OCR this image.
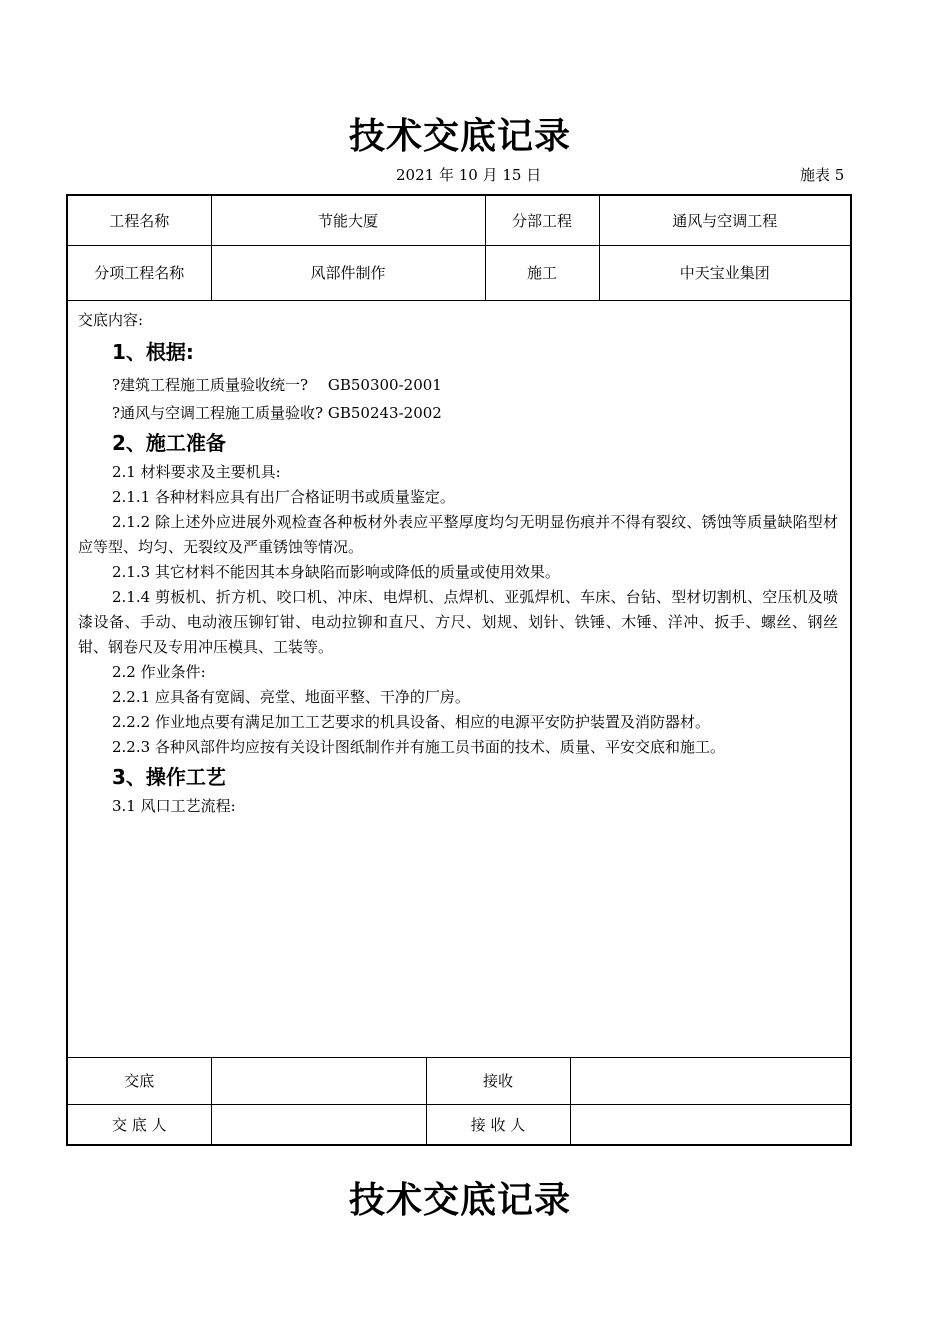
技术交底记录
2021 年 10 月 15 日	施表 5
工程名称	节能大厦	分部工程	通风与空调工程
分项工程名称	风部件制作	施工	中天宝业集团
交底内容:
1、根据:
?建筑工程施工质量验收统一?　 GB50300-2001
?通风与空调工程施工质量验收? GB50243-2002
2、施工准备
2.1 材料要求及主要机具:
2.1.1 各种材料应具有出厂合格证明书或质量鉴定。
2.1.2 除上述外应进展外观检查各种板材外表应平整厚度均匀无明显伤痕并不得有裂纹、锈蚀等质量缺陷型材应等型、均匀、无裂纹及严重锈蚀等情况。
2.1.3 其它材料不能因其本身缺陷而影响或降低的质量或使用效果。
2.1.4 剪板机、折方机、咬口机、冲床、电焊机、点焊机、亚弧焊机、车床、台钻、型材切割机、空压机及喷漆设备、手动、电动液压铆钉钳、电动拉铆和直尺、方尺、划规、划针、铁锤、木锤、洋冲、扳手、螺丝、钢丝钳、钢卷尺及专用冲压模具、工装等。
2.2 作业条件:
2.2.1 应具备有宽阔、亮堂、地面平整、干净的厂房。
2.2.2 作业地点要有满足加工工艺要求的机具设备、相应的电源平安防护装置及消防器材。
2.2.3 各种风部件均应按有关设计图纸制作并有施工员书面的技术、质量、平安交底和施工。
3、操作工艺
3.1 风口工艺流程:
交底		接收	
交 底 人		接 收 人	
技术交底记录
